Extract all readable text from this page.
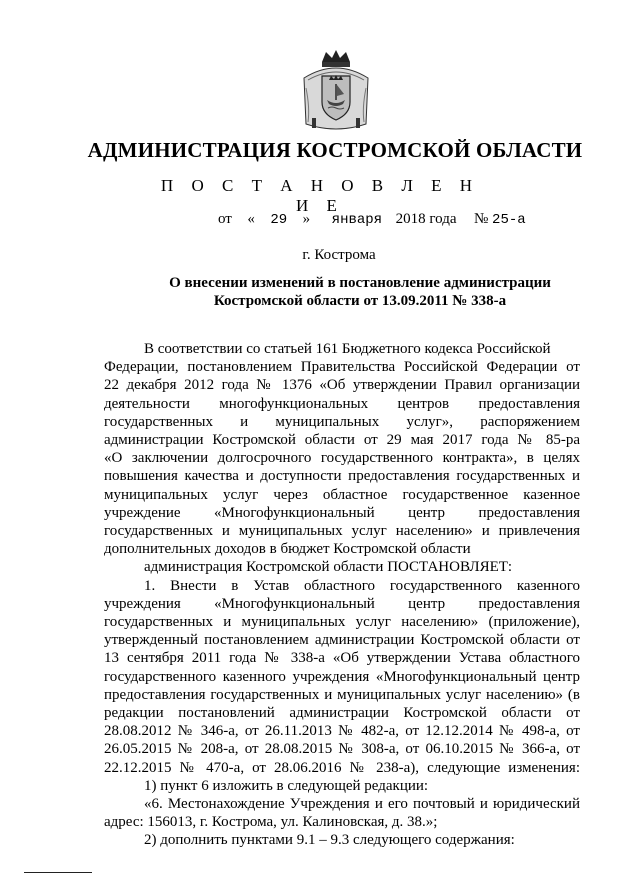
АДМИНИСТРАЦИЯ КОСТРОМСКОЙ ОБЛАСТИ
П О С Т А Н О В Л Е Н И Е
от « 29 » января 2018 года № 25-а
г. Кострома
О внесении изменений в постановление администрации
Костромской области от 13.09.2011 № 338-а
В соответствии со статьей 161 Бюджетного кодекса Российской
Федерации, постановлением Правительства Российской Федерации от
22 декабря 2012 года № 1376 «Об утверждении Правил организации
деятельности многофункциональных центров предоставления
государственных и муниципальных услуг», распоряжением
администрации Костромской области от 29 мая 2017 года № 85-ра
«О заключении долгосрочного государственного контракта», в целях
повышения качества и доступности предоставления государственных и
муниципальных услуг через областное государственное казенное
учреждение «Многофункциональный центр предоставления
государственных и муниципальных услуг населению» и привлечения
дополнительных доходов в бюджет Костромской области
администрация Костромской области ПОСТАНОВЛЯЕТ:
1. Внести в Устав областного государственного казенного
учреждения «Многофункциональный центр предоставления
государственных и муниципальных услуг населению» (приложение),
утвержденный постановлением администрации Костромской области от
13 сентября 2011 года № 338-а «Об утверждении Устава областного
государственного казенного учреждения «Многофункциональный центр
предоставления государственных и муниципальных услуг населению» (в
редакции постановлений администрации Костромской области от
28.08.2012 № 346-а, от 26.11.2013 № 482-а, от 12.12.2014 № 498-а, от
26.05.2015 № 208-а, от 28.08.2015 № 308-а, от 06.10.2015 № 366-а, от
22.12.2015 № 470-а, от 28.06.2016 № 238-а), следующие изменения:
1) пункт 6 изложить в следующей редакции:
«6. Местонахождение Учреждения и его почтовый и юридический
адрес: 156013, г. Кострома, ул. Калиновская, д. 38.»;
2) дополнить пунктами 9.1 – 9.3 следующего содержания:
